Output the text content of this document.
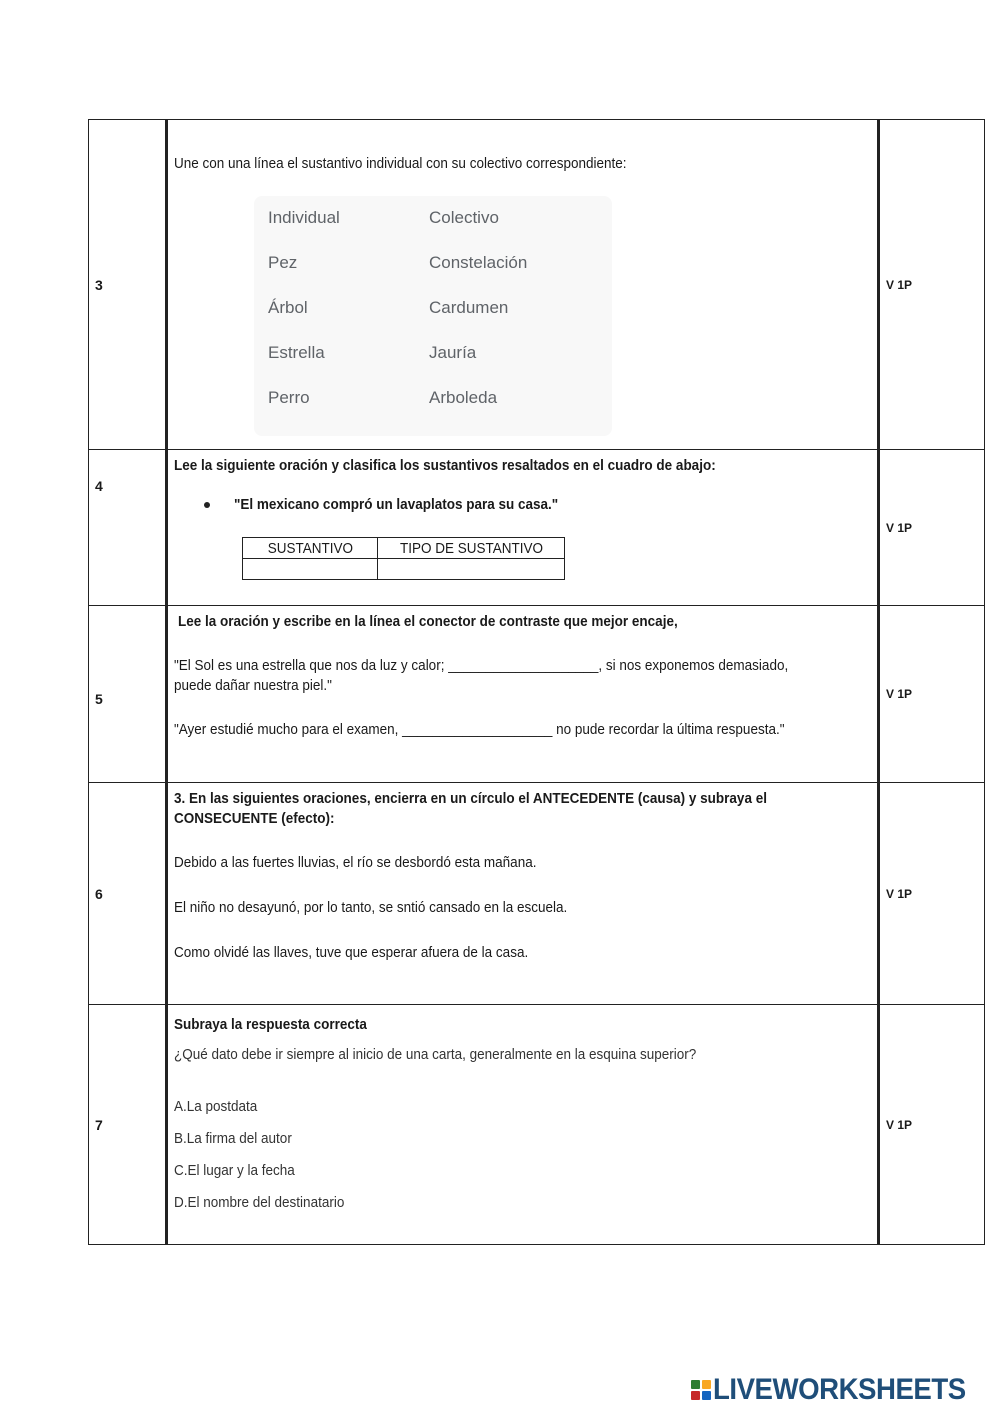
3	

Une con una línea el sustantivo individual con su colectivo correspondiente:

Individual	Colectivo
Pez	Constelación
Árbol	Cardumen
Estrella	Jauría
Perro	Arboleda
	V 1P
4	

Lee la siguiente oración y clasifica los sustantivos resaltados en el cuadro de abajo:

"El mexicano compró un lavaplatos para su casa."
SUSTANTIVO	TIPO DE SUSTANTIVO

	V 1P
5	

Lee la oración y escribe en la línea el conector de contraste que mejor encaje,

"El Sol es una estrella que nos da luz y calor; ____________________, si nos exponemos demasiado,

puede dañar nuestra piel."

"Ayer estudié mucho para el examen, ____________________ no pude recordar la última respuesta."

	V 1P
6	

3. En las siguientes oraciones, encierra en un círculo el ANTECEDENTE (causa) y subraya el

CONSECUENTE (efecto):

Debido a las fuertes lluvias, el río se desbordó esta mañana.

El niño no desayunó, por lo tanto, se sntió cansado en la escuela.

Como olvidé las llaves, tuve que esperar afuera de la casa.

	V 1P
7	

Subraya la respuesta correcta

¿Qué dato debe ir siempre al inicio de una carta, generalmente en la esquina superior?

A.La postdata

B.La firma del autor

C.El lugar y la fecha

D.El nombre del destinatario

	V 1P
LIVEWORKSHEETS
